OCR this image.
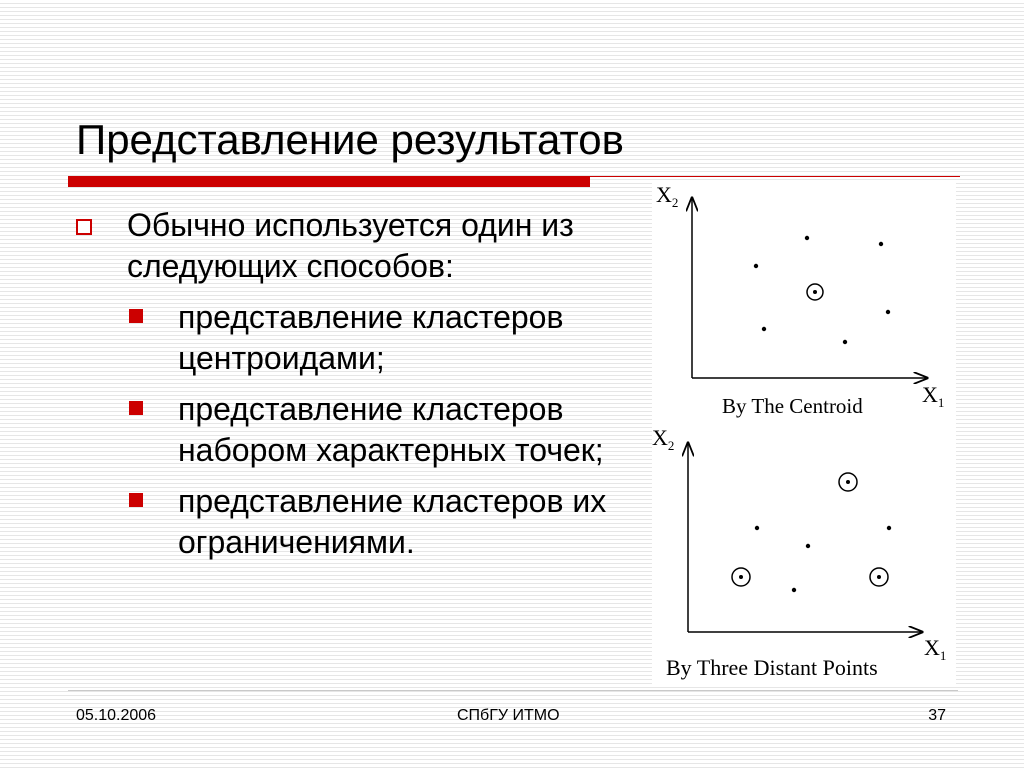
Представление результатов
Обычно используется один из следующих способов:
представление кластеров центроидами;
представление кластеров набором характерных точек;
представление кластеров их ограничениями.
$X_2$
$X_1$
By The Centroid
$X_2$
$X_1$
By Three Distant Points
05.10.2006	СПбГУ ИТМО	37
